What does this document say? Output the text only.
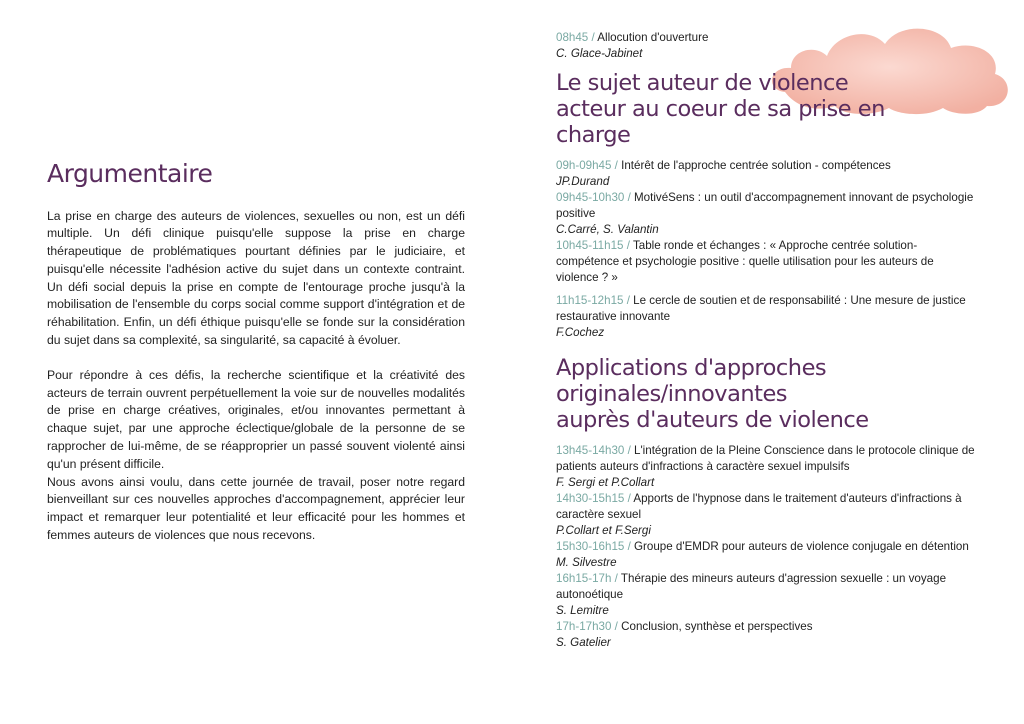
Argumentaire

La prise en charge des auteurs de violences, sexuelles ou non, est un défi multiple. Un défi clinique puisqu'elle suppose la prise en charge thérapeutique de problématiques pourtant définies par le judiciaire, et puisqu'elle nécessite l'adhésion active du sujet dans un contexte contraint. Un défi social depuis la prise en compte de l'entourage proche jusqu'à la mobilisation de l'ensemble du corps social comme support d'intégration et de réhabilitation. Enfin, un défi éthique puisqu'elle se fonde sur la considération du sujet dans sa complexité, sa singularité, sa capacité à évoluer.

Pour répondre à ces défis, la recherche scientifique et la créativité des acteurs de terrain ouvrent perpétuellement la voie sur de nouvelles modalités de prise en charge créatives, originales, et/ou innovantes permettant à chaque sujet, par une approche éclectique/globale de la personne de se rapprocher de lui-même, de se réapproprier un passé souvent violenté ainsi qu'un présent difficile.

Nous avons ainsi voulu, dans cette journée de travail, poser notre regard bienveillant sur ces nouvelles approches d'accompagnement, apprécier leur impact et remarquer leur potentialité et leur efficacité pour les hommes et femmes auteurs de violences que nous recevons.

08h45 / Allocution d'ouverture

C. Glace-Jabinet

Le sujet auteur de violence
acteur au coeur de sa prise en
charge

09h-09h45 / Intérêt de l'approche centrée solution - compétences

JP.Durand

09h45-10h30 / MotivéSens : un outil d'accompagnement innovant de psychologie positive

C.Carré, S. Valantin

10h45-11h15 / Table ronde et échanges : « Approche centrée solution-compétence et psychologie positive : quelle utilisation pour les auteurs de violence ? »

11h15-12h15 / Le cercle de soutien et de responsabilité : Une mesure de justice restaurative innovante

F.Cochez

Applications d'approches
originales/innovantes
auprès d'auteurs de violence

13h45-14h30 / L'intégration de la Pleine Conscience dans le protocole clinique de patients auteurs d'infractions à caractère sexuel impulsifs

F. Sergi et P.Collart

14h30-15h15 / Apports de l'hypnose dans le traitement d'auteurs d'infractions à caractère sexuel

P.Collart et F.Sergi

15h30-16h15 / Groupe d'EMDR pour auteurs de violence conjugale en détention

M. Silvestre

16h15-17h / Thérapie des mineurs auteurs d'agression sexuelle : un voyage autonoétique

S. Lemitre

17h-17h30 / Conclusion, synthèse et perspectives

S. Gatelier
